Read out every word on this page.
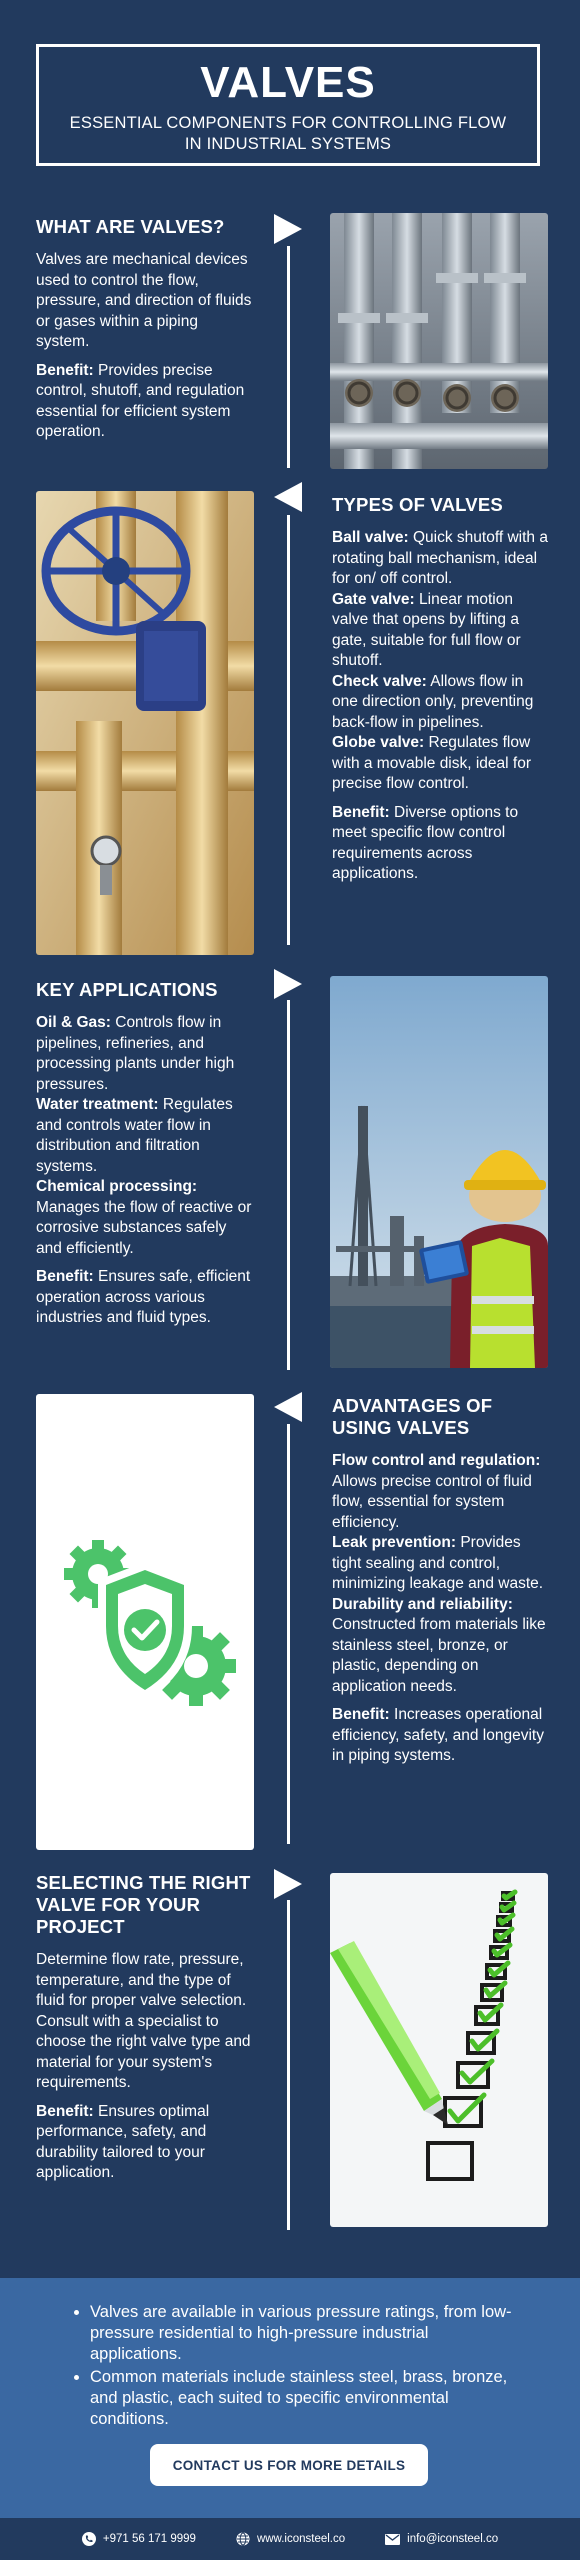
VALVES
ESSENTIAL COMPONENTS FOR CONTROLLING FLOW
IN INDUSTRIAL SYSTEMS
WHAT ARE VALVES?

Valves are mechanical devices used to control the flow, pressure, and direction of fluids or gases within a piping system.

Benefit: Provides precise control, shutoff, and regulation essential for efficient system operation.

TYPES OF VALVES
Ball valve: Quick shutoff with a rotating ball mechanism, ideal for on/ off control.
Gate valve: Linear motion valve that opens by lifting a gate, suitable for full flow or shutoff.
Check valve: Allows flow in one direction only, preventing back-flow in pipelines.
Globe valve: Regulates flow with a movable disk, ideal for precise flow control.

Benefit: Diverse options to meet specific flow control requirements across applications.

KEY APPLICATIONS
Oil & Gas: Controls flow in pipelines, refineries, and processing plants under high pressures.
Water treatment: Regulates and controls water flow in distribution and filtration systems.
Chemical processing: Manages the flow of reactive or corrosive substances safely and efficiently.

Benefit: Ensures safe, efficient operation across various industries and fluid types.

ADVANTAGES OF
USING VALVES
Flow control and regulation: Allows precise control of fluid flow, essential for system efficiency.
Leak prevention: Provides tight sealing and control, minimizing leakage and waste.
Durability and reliability: Constructed from materials like stainless steel, bronze, or plastic, depending on application needs.

Benefit: Increases operational efficiency, safety, and longevity in piping systems.

SELECTING THE RIGHT
VALVE FOR YOUR
PROJECT

Determine flow rate, pressure, temperature, and the type of fluid for proper valve selection. Consult with a specialist to choose the right valve type and material for your system's requirements.

Benefit: Ensures optimal performance, safety, and durability tailored to your application.

• Valves are available in various pressure ratings, from low-pressure residential to high-pressure industrial applications.
• Common materials include stainless steel, brass, bronze, and plastic, each suited to specific environmental conditions.
CONTACT US FOR MORE DETAILS
+971 56 171 9999	www.iconsteel.co	info@iconsteel.co
